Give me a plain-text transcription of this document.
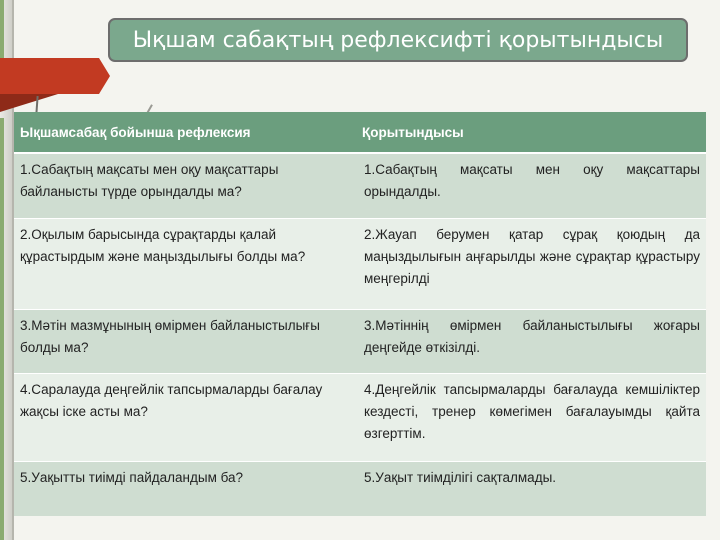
Ықшам сабақтың рефлексифті қорытындысы
Ықшамсабақ бойынша рефлексия	Қорытындысы
1.Сабақтың мақсаты мен оқу мақсаттары байланысты түрде орындалды ма?	1.Сабақтың мақсаты мен оқу мақсаттары орындалды.
2.Оқылым барысында сұрақтарды қалай құрастырдым және маңыздылығы болды ма?	2.Жауап берумен қатар сұрақ қоюдың да маңыздылығын аңғарылды және сұрақтар құрастыру меңгерілді
3.Мәтін мазмұнының өмірмен байланыстылығы болды ма?	3.Мәтіннің өмірмен байланыстылығы жоғары деңгейде өткізілді.
4.Саралауда деңгейлік тапсырмаларды бағалау жақсы іске асты ма?	4.Деңгейлік тапсырмаларды бағалауда кемшіліктер кездесті, тренер көмегімен бағалауымды қайта өзгерттім.
5.Уақытты тиімді пайдаландым ба?	5.Уақыт тиімділігі сақталмады.
